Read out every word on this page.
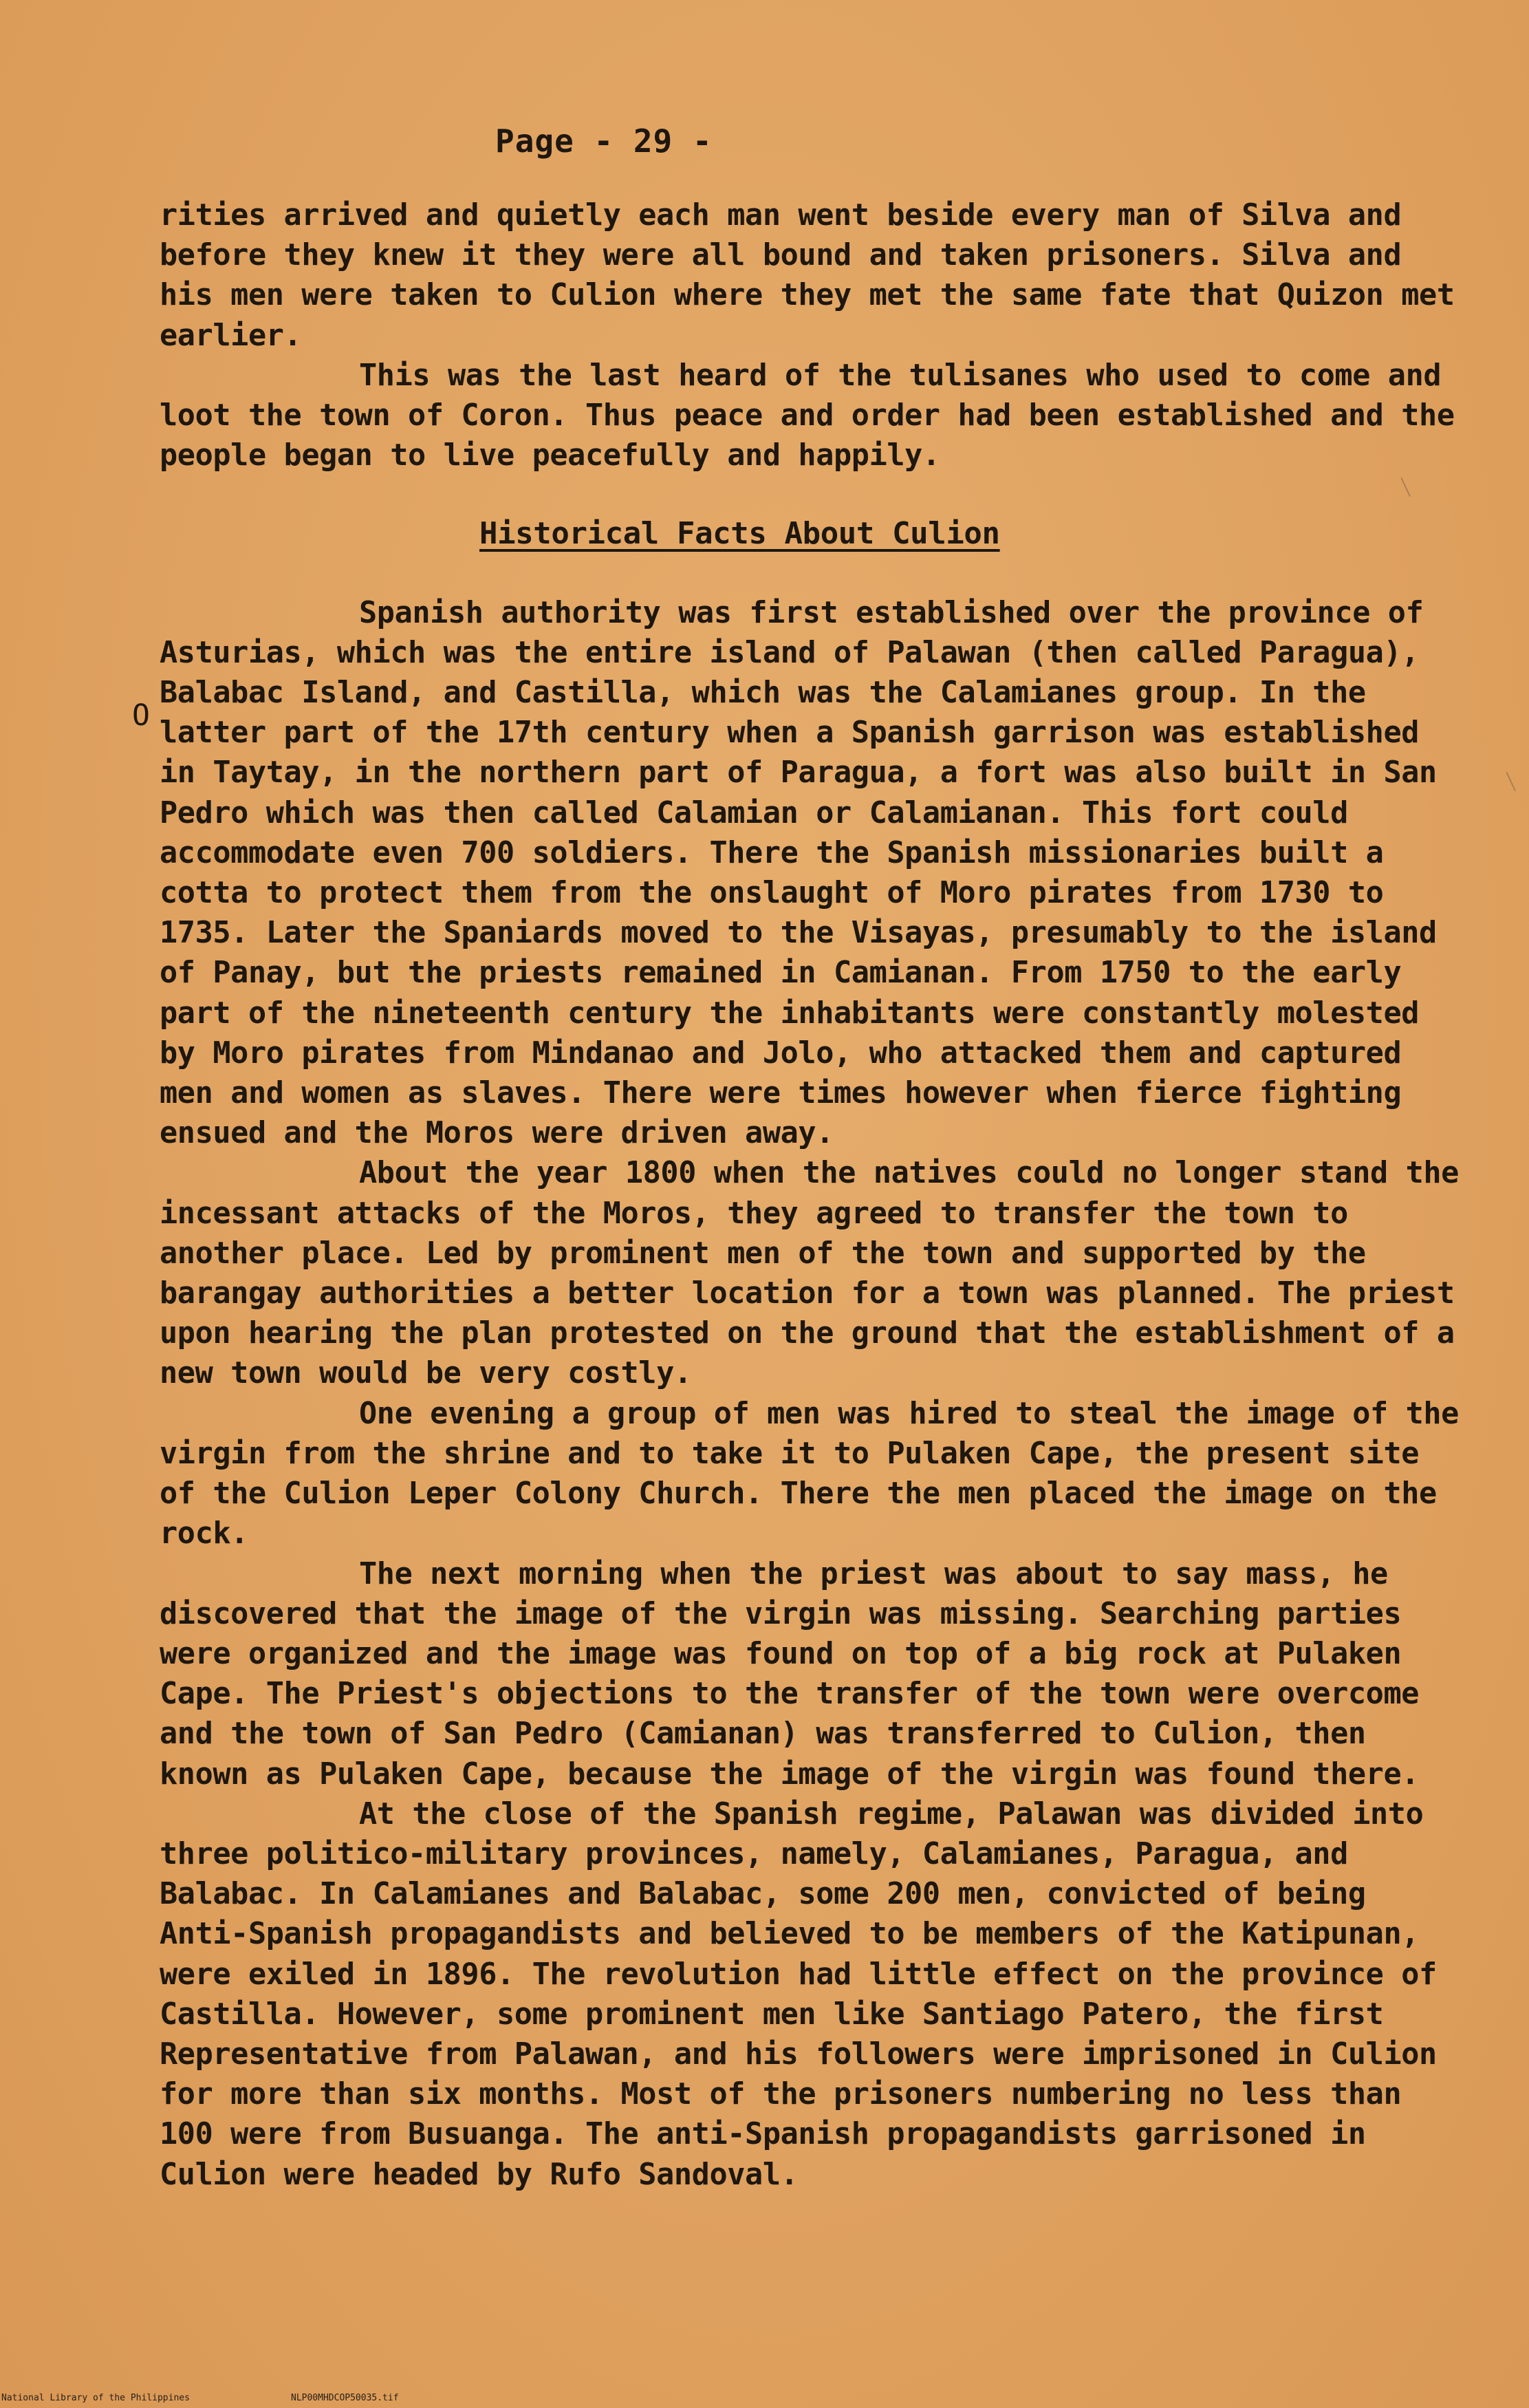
Page - 29 -
O

rities arrived and quietly each man went beside every man of Silva and before they knew it they were all bound and taken prisoners. Silva and his men were taken to Culion where they met the same fate that Quizon met earlier.

This was the last heard of the tulisanes who used to come and loot the town of Coron. Thus peace and order had been established and the people began to live peacefully and happily.

Historical Facts About Culion

Spanish authority was first established over the province of Asturias, which was the entire island of Palawan (then called Paragua), Balabac Island, and Castilla, which was the Calamianes group. In the latter part of the 17th century when a Spanish garrison was established in Taytay, in the northern part of Paragua, a fort was also built in San Pedro which was then called Calamian or Calamianan. This fort could accommodate even 700 soldiers. There the Spanish missionaries built a cotta to protect them from the onslaught of Moro pirates from 1730 to 1735. Later the Spaniards moved to the Visayas, presumably to the island of Panay, but the priests remained in Camianan. From 1750 to the early part of the nineteenth century the inhabitants were constantly molested by Moro pirates from Mindanao and Jolo, who attacked them and captured men and women as slaves. There were times however when fierce fighting ensued and the Moros were driven away.

About the year 1800 when the natives could no longer stand the incessant attacks of the Moros, they agreed to transfer the town to another place. Led by prominent men of the town and supported by the barangay authorities a better location for a town was planned. The priest upon hearing the plan protested on the ground that the establishment of a new town would be very costly.

One evening a group of men was hired to steal the image of the virgin from the shrine and to take it to Pulaken Cape, the present site of the Culion Leper Colony Church. There the men placed the image on the rock.

The next morning when the priest was about to say mass, he discovered that the image of the virgin was missing. Searching parties were organized and the image was found on top of a big rock at Pulaken Cape. The Priest's objections to the transfer of the town were overcome and the town of San Pedro (Camianan) was transferred to Culion, then known as Pulaken Cape, because the image of the virgin was found there.

At the close of the Spanish regime, Palawan was divided into three politico-military provinces, namely, Calamianes, Paragua, and Balabac. In Calamianes and Balabac, some 200 men, convicted of being Anti-Spanish propagandists and believed to be members of the Katipunan, were exiled in 1896. The revolution had little effect on the province of Castilla. However, some prominent men like Santiago Patero, the first Representative from Palawan, and his followers were imprisoned in Culion for more than six months. Most of the prisoners numbering no less than 100 were from Busuanga. The anti-Spanish propagandists garrisoned in Culion were headed by Rufo Sandoval.

National Library of the Philippines	NLP00MHDCOP50035.tif
